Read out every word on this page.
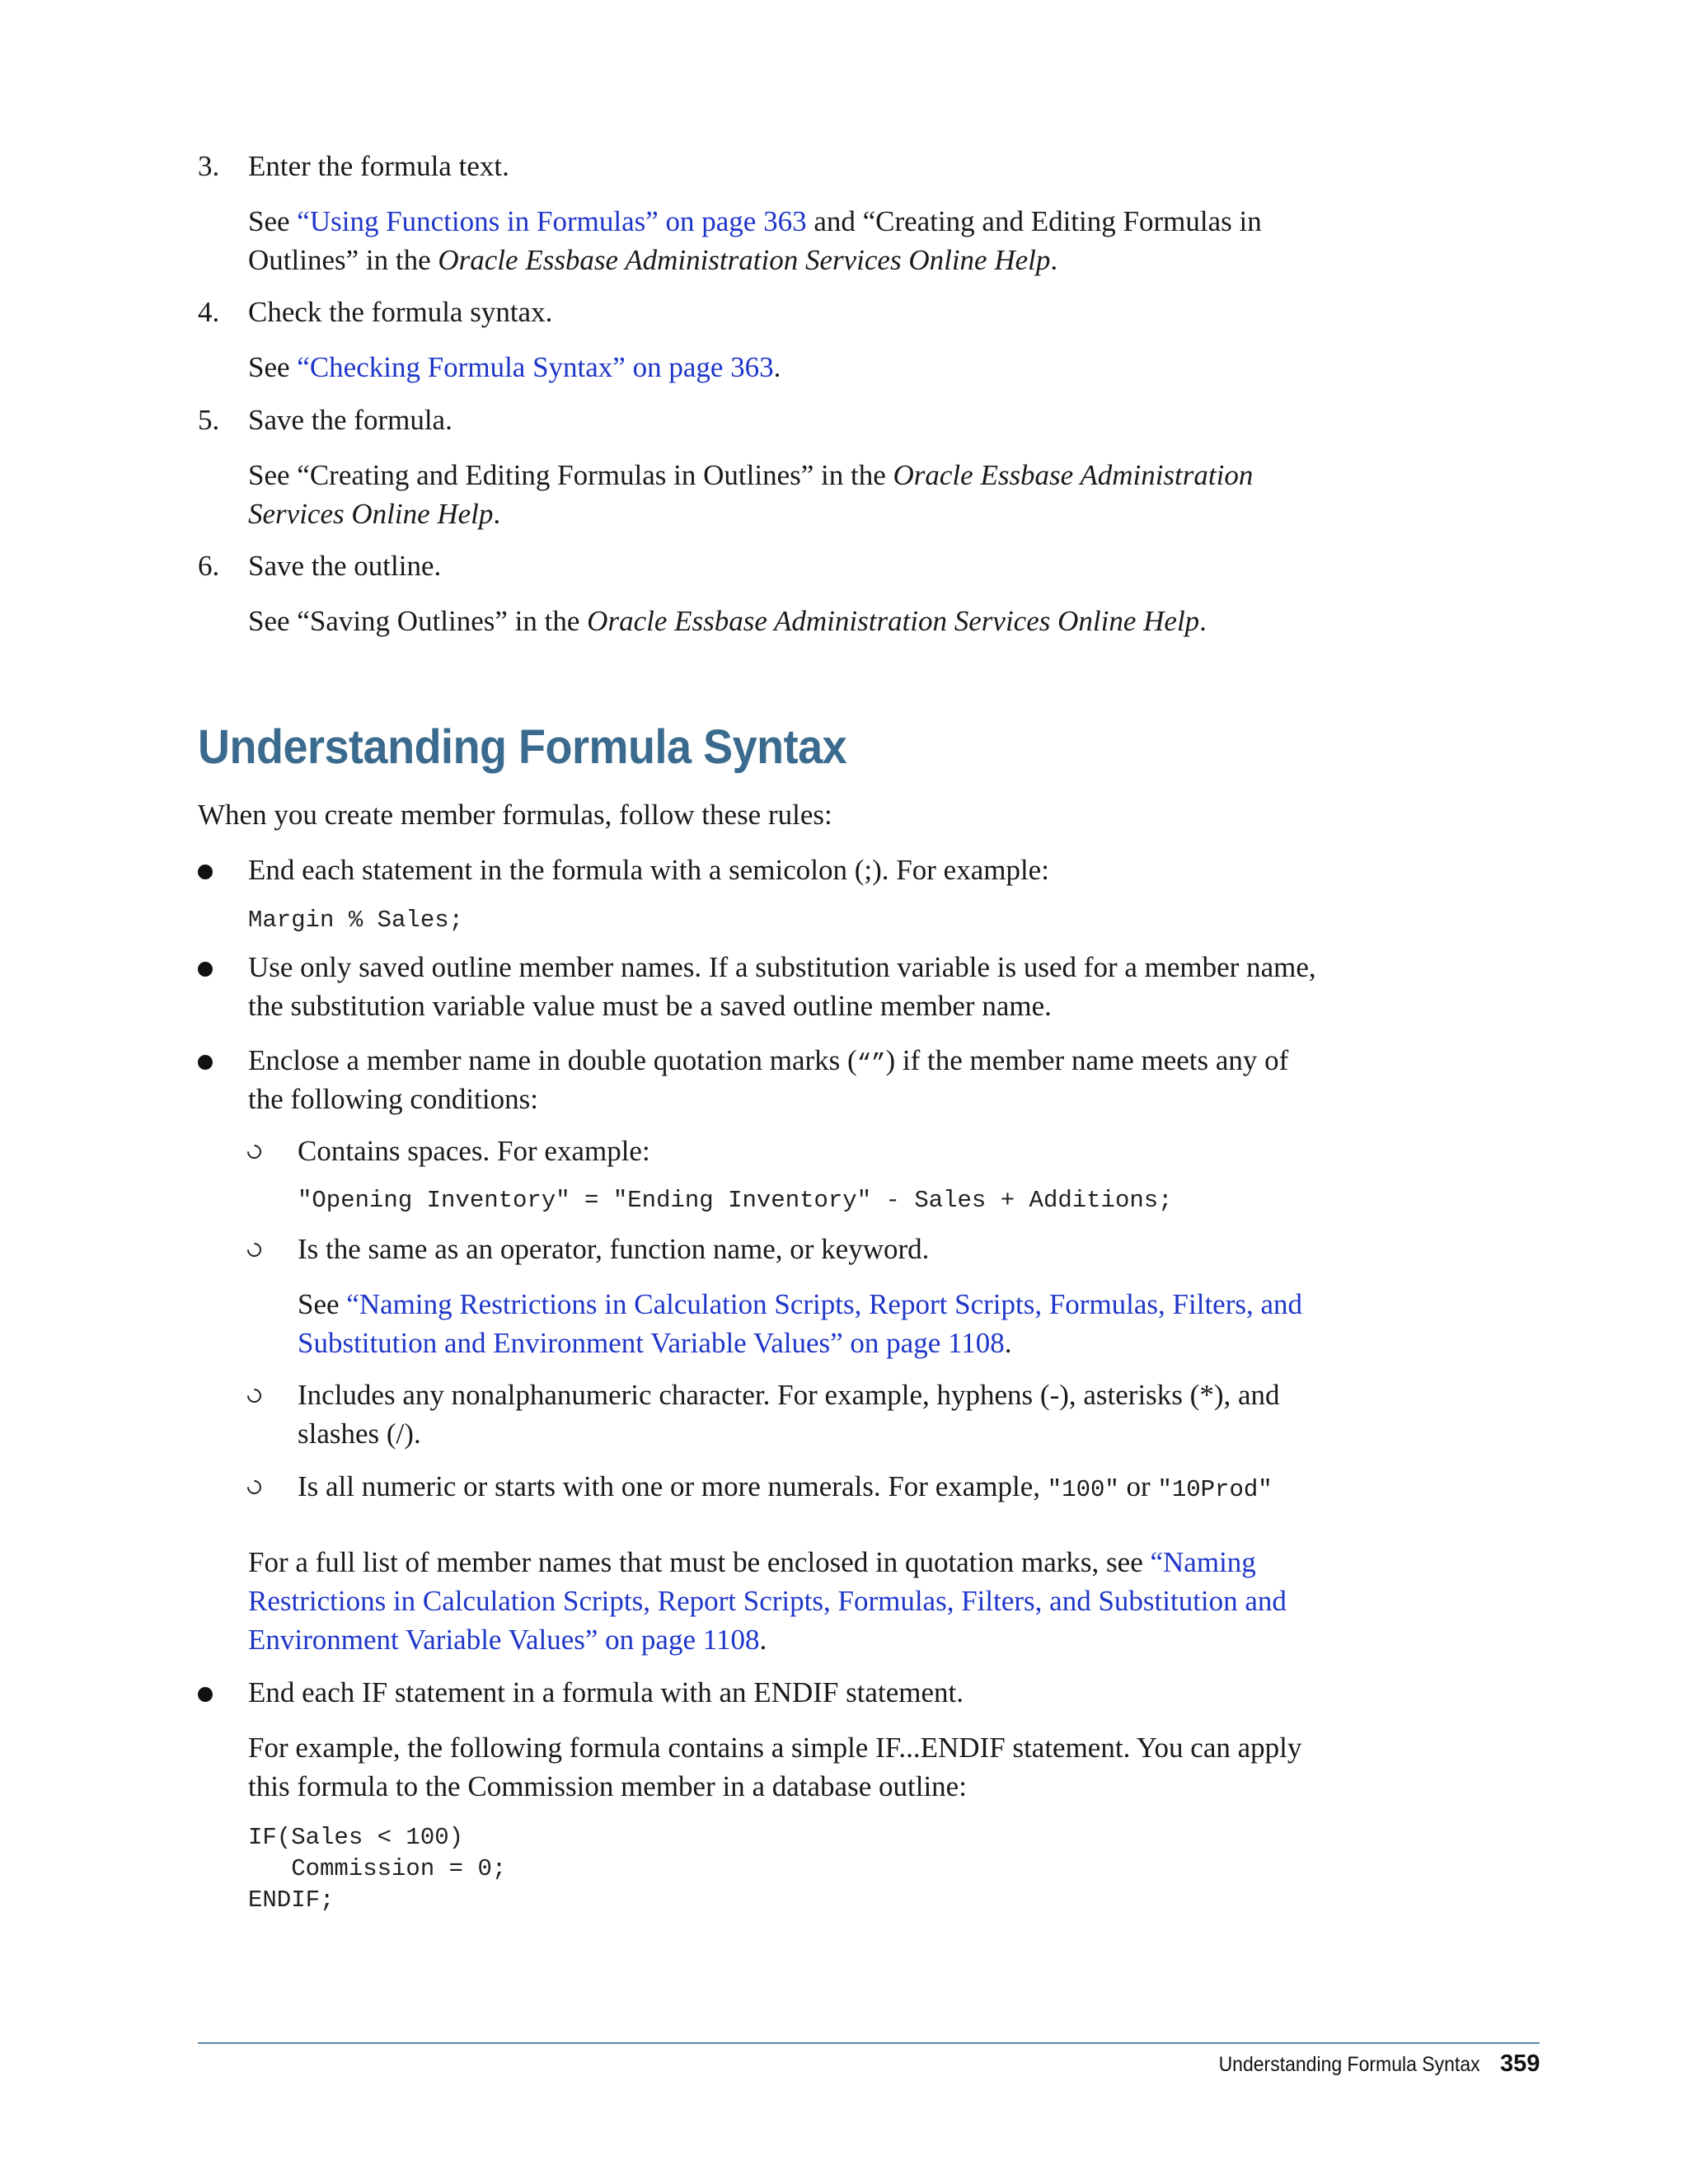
3. Enter the formula text.
See “Using Functions in Formulas” on page 363 and “Creating and Editing Formulas in
Outlines” in the Oracle Essbase Administration Services Online Help.
4. Check the formula syntax.
See “Checking Formula Syntax” on page 363.
5. Save the formula.
See “Creating and Editing Formulas in Outlines” in the Oracle Essbase Administration
Services Online Help.
6. Save the outline.
See “Saving Outlines” in the Oracle Essbase Administration Services Online Help.
Understanding Formula Syntax
When you create member formulas, follow these rules:
End each statement in the formula with a semicolon (;). For example:
Margin % Sales;
Use only saved outline member names. If a substitution variable is used for a member name,
the substitution variable value must be a saved outline member name.
Enclose a member name in double quotation marks (“”) if the member name meets any of
the following conditions:
Contains spaces. For example:
"Opening Inventory" = "Ending Inventory" - Sales + Additions;
Is the same as an operator, function name, or keyword.
See “Naming Restrictions in Calculation Scripts, Report Scripts, Formulas, Filters, and
Substitution and Environment Variable Values” on page 1108.
Includes any nonalphanumeric character. For example, hyphens (-), asterisks (*), and
slashes (/).
Is all numeric or starts with one or more numerals. For example, "100" or "10Prod"
For a full list of member names that must be enclosed in quotation marks, see “Naming
Restrictions in Calculation Scripts, Report Scripts, Formulas, Filters, and Substitution and
Environment Variable Values” on page 1108.
End each IF statement in a formula with an ENDIF statement.
For example, the following formula contains a simple IF...ENDIF statement. You can apply
this formula to the Commission member in a database outline:
IF(Sales < 100)
Commission = 0;
ENDIF;
Understanding Formula Syntax 359
